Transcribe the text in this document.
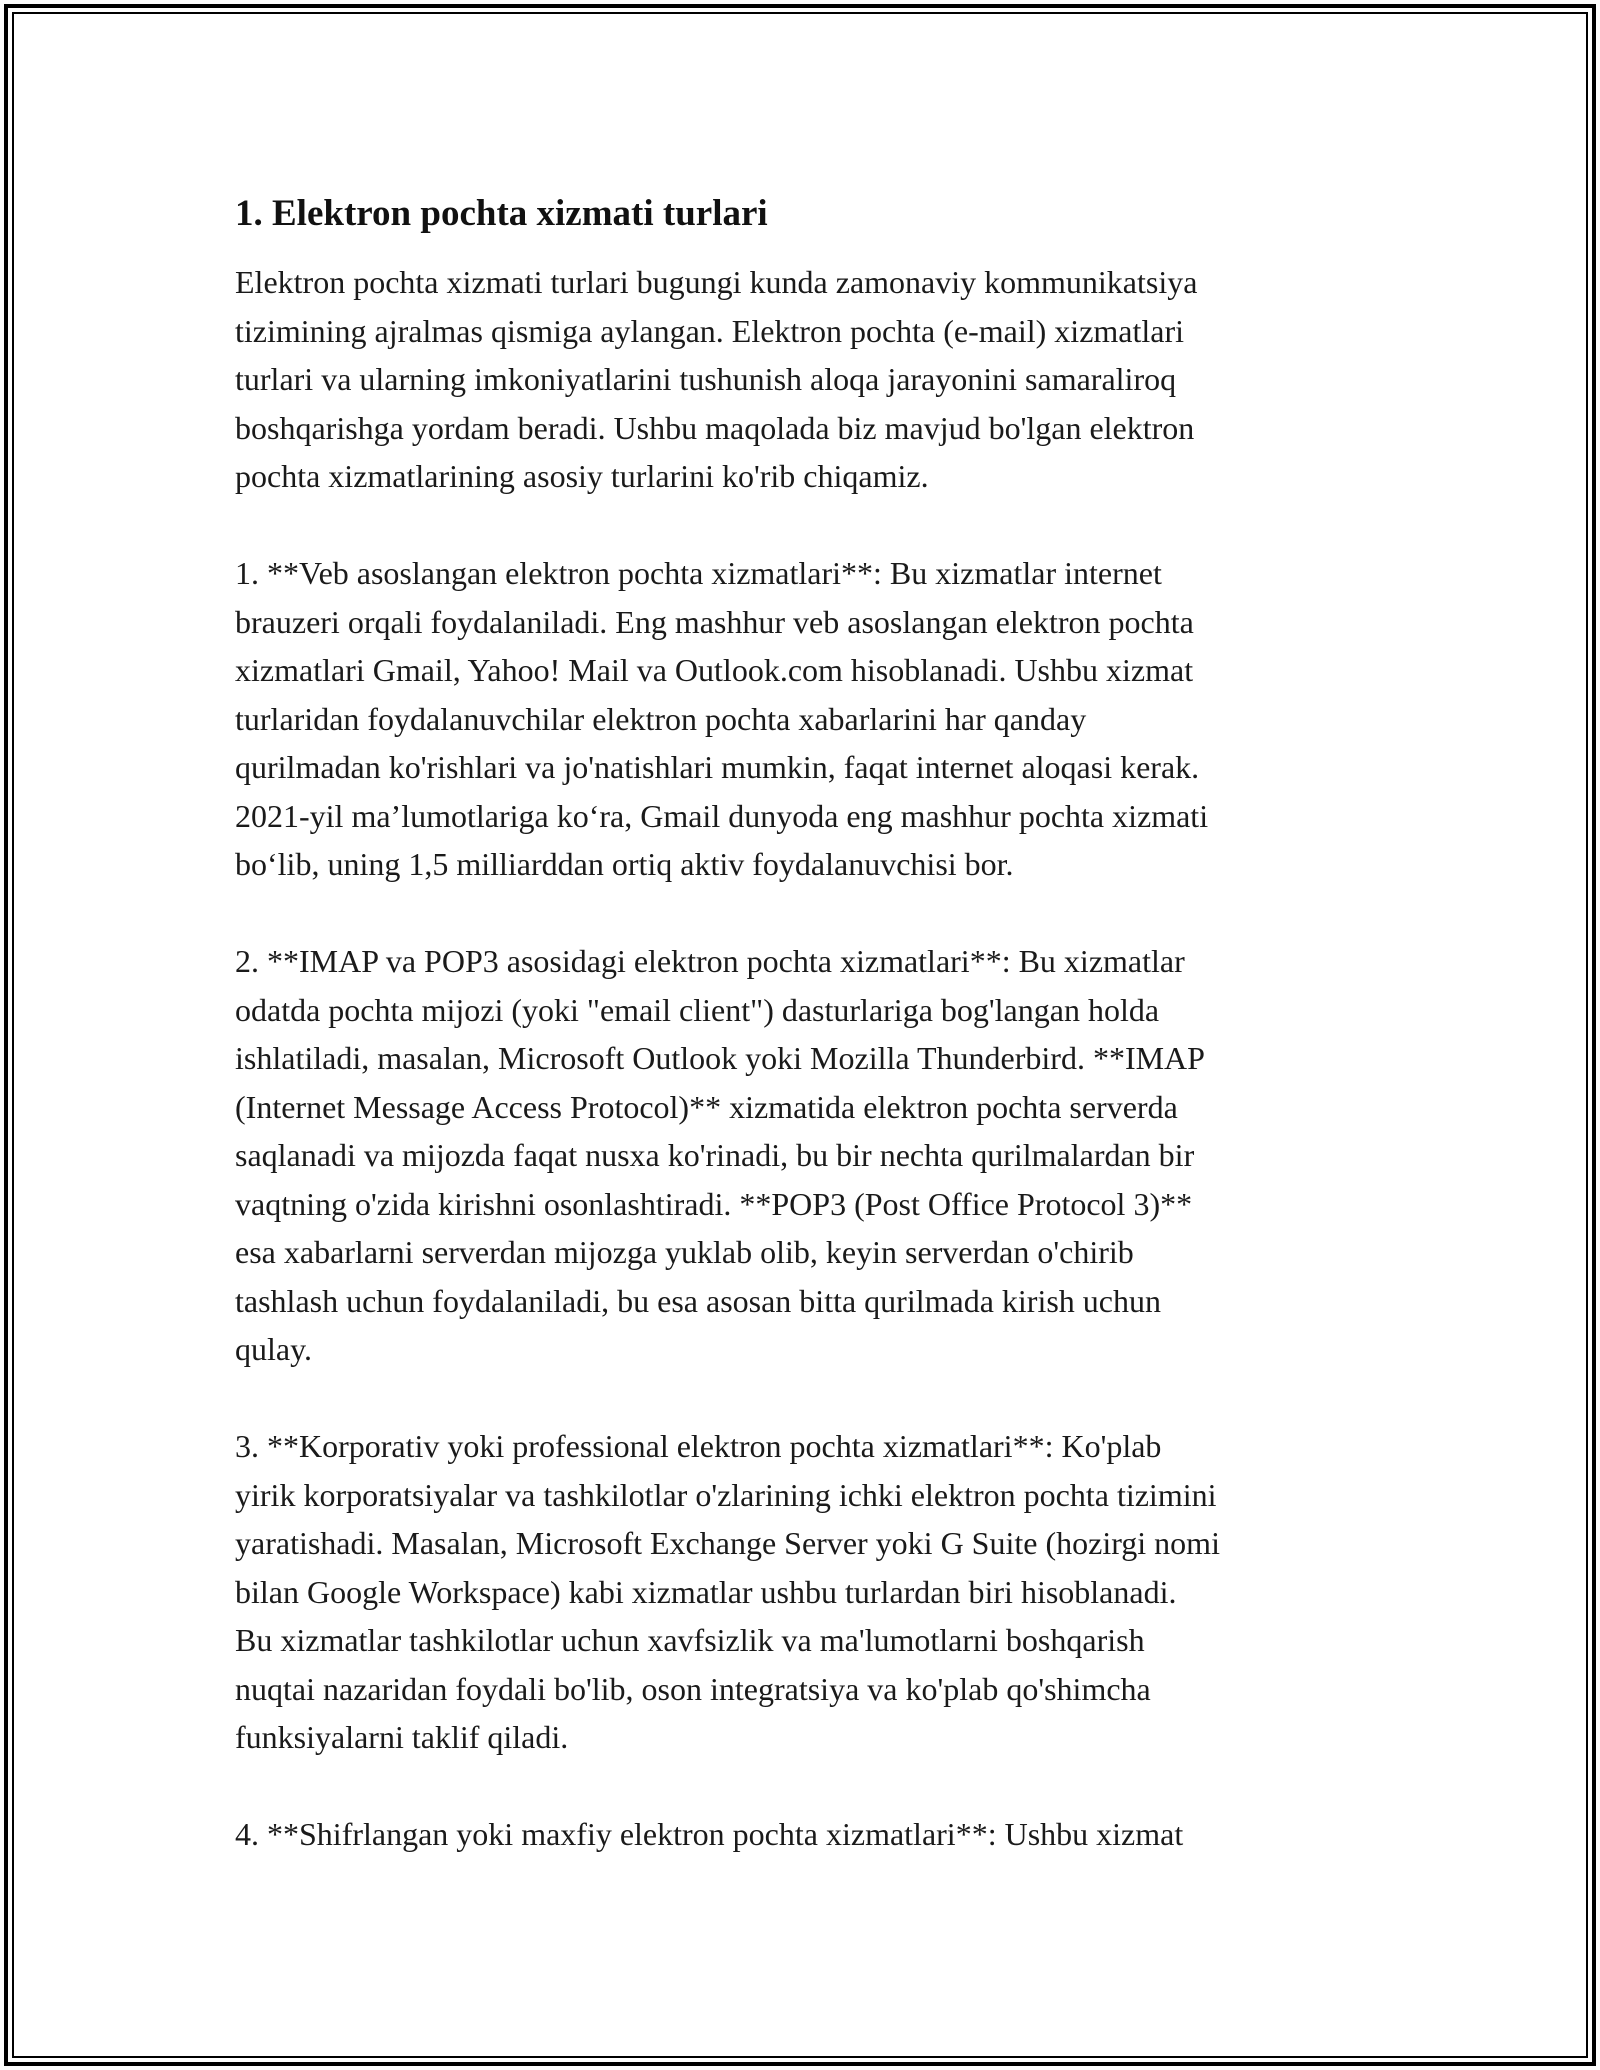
1. Elektron pochta xizmati turlari

Elektron pochta xizmati turlari bugungi kunda zamonaviy kommunikatsiya
tizimining ajralmas qismiga aylangan. Elektron pochta (e-mail) xizmatlari
turlari va ularning imkoniyatlarini tushunish aloqa jarayonini samaraliroq
boshqarishga yordam beradi. Ushbu maqolada biz mavjud bo'lgan elektron
pochta xizmatlarining asosiy turlarini ko'rib chiqamiz.

1. **Veb asoslangan elektron pochta xizmatlari**: Bu xizmatlar internet
brauzeri orqali foydalaniladi. Eng mashhur veb asoslangan elektron pochta
xizmatlari Gmail, Yahoo! Mail va Outlook.com hisoblanadi. Ushbu xizmat
turlaridan foydalanuvchilar elektron pochta xabarlarini har qanday
qurilmadan ko'rishlari va jo'natishlari mumkin, faqat internet aloqasi kerak.
2021-yil ma’lumotlariga ko‘ra, Gmail dunyoda eng mashhur pochta xizmati
bo‘lib, uning 1,5 milliarddan ortiq aktiv foydalanuvchisi bor.

2. **IMAP va POP3 asosidagi elektron pochta xizmatlari**: Bu xizmatlar
odatda pochta mijozi (yoki "email client") dasturlariga bog'langan holda
ishlatiladi, masalan, Microsoft Outlook yoki Mozilla Thunderbird. **IMAP
(Internet Message Access Protocol)** xizmatida elektron pochta serverda
saqlanadi va mijozda faqat nusxa ko'rinadi, bu bir nechta qurilmalardan bir
vaqtning o'zida kirishni osonlashtiradi. **POP3 (Post Office Protocol 3)**
esa xabarlarni serverdan mijozga yuklab olib, keyin serverdan o'chirib
tashlash uchun foydalaniladi, bu esa asosan bitta qurilmada kirish uchun
qulay.

3. **Korporativ yoki professional elektron pochta xizmatlari**: Ko'plab
yirik korporatsiyalar va tashkilotlar o'zlarining ichki elektron pochta tizimini
yaratishadi. Masalan, Microsoft Exchange Server yoki G Suite (hozirgi nomi
bilan Google Workspace) kabi xizmatlar ushbu turlardan biri hisoblanadi.
Bu xizmatlar tashkilotlar uchun xavfsizlik va ma'lumotlarni boshqarish
nuqtai nazaridan foydali bo'lib, oson integratsiya va ko'plab qo'shimcha
funksiyalarni taklif qiladi.

4. **Shifrlangan yoki maxfiy elektron pochta xizmatlari**: Ushbu xizmat
